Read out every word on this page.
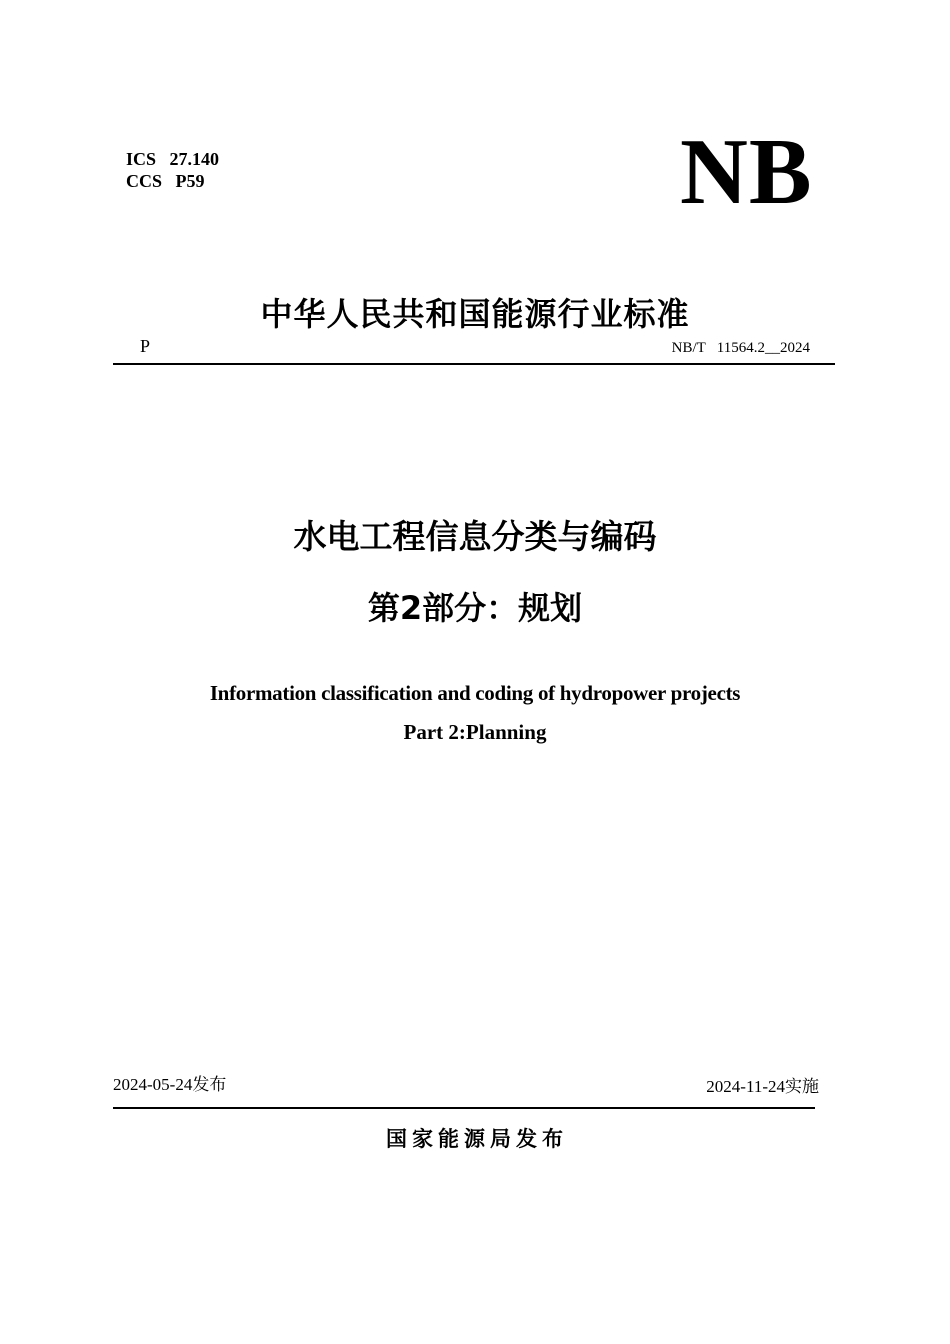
ICS   27.140
CCS   P59	NB
中华人民共和国能源行业标准
P	NB/T   11564.2__2024
水电工程信息分类与编码
第2部分：规划
Information classification and coding of hydropower projects
Part 2:Planning
2024-05-24发布	2024-11-24实施
国家能源局发布
